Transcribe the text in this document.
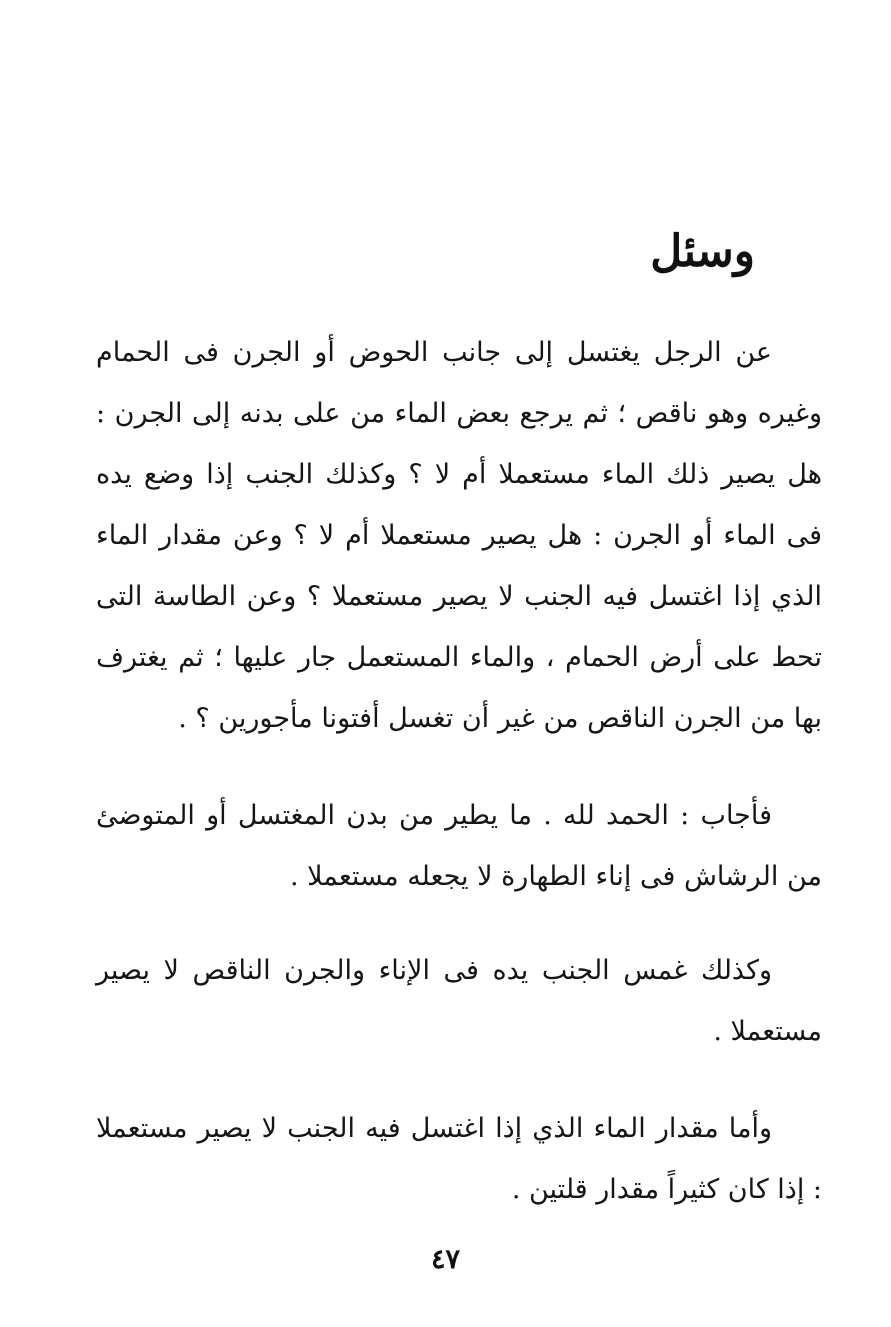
وسئل

عن الرجل يغتسل إلى جانب الحوض أو الجرن فى الحمام وغيره وهو ناقص ؛ ثم يرجع بعض الماء من على بدنه إلى الجرن : هل يصير ذلك الماء مستعملا أم لا ؟ وكذلك الجنب إذا وضع يده فى الماء أو الجرن : هل يصير مستعملا أم لا ؟ وعن مقدار الماء الذي إذا اغتسل فيه الجنب لا يصير مستعملا ؟ وعن الطاسة التى تحط على أرض الحمام ، والماء المستعمل جار عليها ؛ ثم يغترف بها من الجرن الناقص من غير أن تغسل أفتونا مأجورين ؟ .

فأجاب : الحمد لله . ما يطير من بدن المغتسل أو المتوضئ من الرشاش فى إناء الطهارة لا يجعله مستعملا .

وكذلك غمس الجنب يده فى الإناء والجرن الناقص لا يصير مستعملا .

وأما مقدار الماء الذي إذا اغتسل فيه الجنب لا يصير مستعملا : إذا كان كثيراً مقدار قلتين .

٤٧
